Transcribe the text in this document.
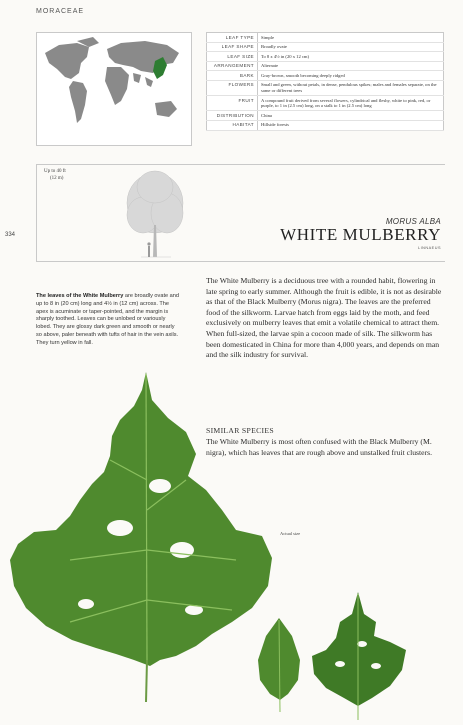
MORACEAE
LEAF TYPE	Simple
LEAF SHAPE	Broadly ovate
LEAF SIZE	To 8 x 4½ in (20 x 12 cm)
ARRANGEMENT	Alternate
BARK	Gray-brown, smooth becoming deeply ridged
FLOWERS	Small and green, without petals, in dense, pendulous spikes; males and females separate, on the same or different trees
FRUIT	A compound fruit derived from several flowers, cylindrical and fleshy, white to pink, red, or purple, to 1 in (2.5 cm) long, on a stalk to 1 in (2.5 cm) long
DISTRIBUTION	China
HABITAT	Hillside forests
Up to 40 ft
(12 m)
334
MORUS ALBA
WHITE MULBERRY
LINNAEUS
The leaves of the White Mulberry are broadly ovate and up to 8 in (20 cm) long and 4½ in (12 cm) across. The apex is acuminate or taper-pointed, and the margin is sharply toothed. Leaves can be unlobed or variously lobed. They are glossy dark green and smooth or nearly so above, paler beneath with tufts of hair in the vein axils. They turn yellow in fall.

The White Mulberry is a deciduous tree with a rounded habit, flowering in late spring to early summer. Although the fruit is edible, it is not as desirable as that of the Black Mulberry (Morus nigra). The leaves are the preferred food of the silkworm. Larvae hatch from eggs laid by the moth, and feed exclusively on mulberry leaves that emit a volatile chemical to attract them. When full-sized, the larvae spin a cocoon made of silk. The silkworm has been domesticated in China for more than 4,000 years, and depends on man and the silk industry for survival.

SIMILAR SPECIES

The White Mulberry is most often confused with the Black Mulberry (M. nigra), which has leaves that are rough above and unstalked fruit clusters.

Actual size
